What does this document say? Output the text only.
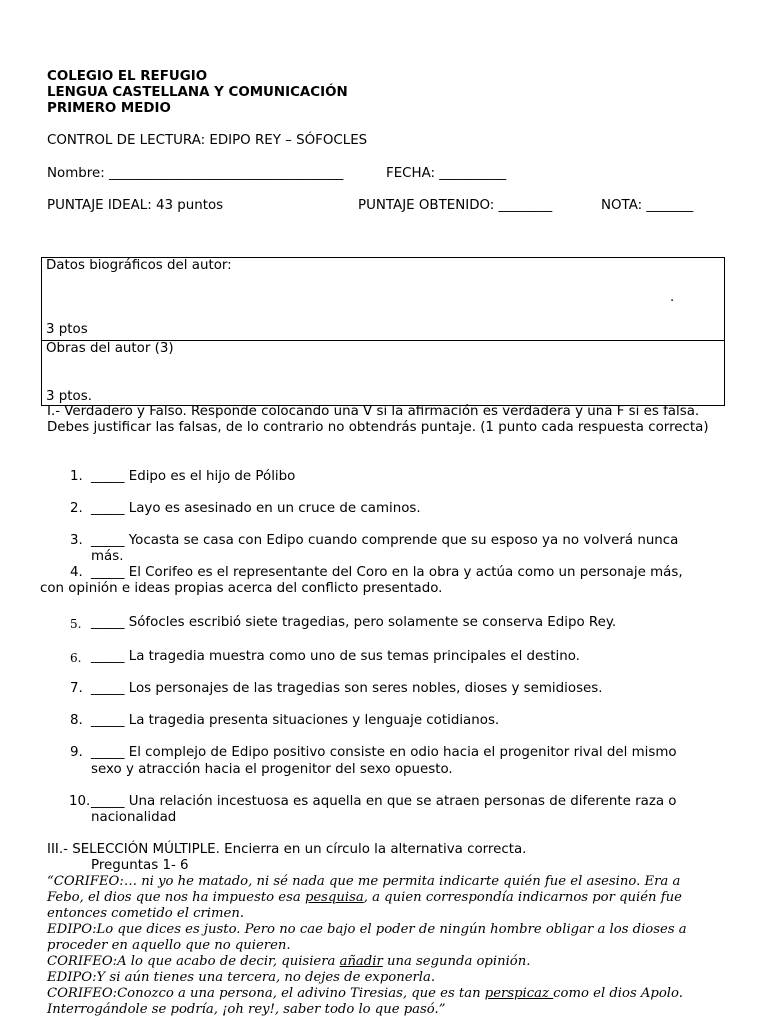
COLEGIO EL REFUGIO
LENGUA CASTELLANA Y COMUNICACIÓN
PRIMERO MEDIO
CONTROL DE LECTURA: EDIPO REY – SÓFOCLES
Nombre: ___________________________________	FECHA: __________
PUNTAJE IDEAL: 43 puntos	PUNTAJE OBTENIDO: ________	NOTA: _______
Datos biográficos del autor:
.
3 ptos
Obras del autor (3)
3 ptos.
I.- Verdadero y Falso. Responde colocando una V si la afirmación es verdadera y una F si es falsa. Debes justificar las falsas, de lo contrario no obtendrás puntaje. (1 punto cada respuesta correcta)
1. _____ Edipo es el hijo de Pólibo
2. _____ Layo es asesinado en un cruce de caminos.
3. _____ Yocasta se casa con Edipo cuando comprende que su esposo ya no volverá nunca
más.
4. _____ El Corifeo es el representante del Coro en la obra y actúa como un personaje más,
con opinión e ideas propias acerca del conflicto presentado.
5. _____ Sófocles escribió siete tragedias, pero solamente se conserva Edipo Rey.
6. _____ La tragedia muestra como uno de sus temas principales el destino.
7. _____ Los personajes de las tragedias son seres nobles, dioses y semidioses.
8. _____ La tragedia presenta situaciones y lenguaje cotidianos.
9. _____ El complejo de Edipo positivo consiste en odio hacia el progenitor rival del mismo
sexo y atracción hacia el progenitor del sexo opuesto.
10. _____ Una relación incestuosa es aquella en que se atraen personas de diferente raza o
nacionalidad
III.- SELECCIÓN MÚLTIPLE. Encierra en un círculo la alternativa correcta.
Preguntas 1- 6
“CORIFEO:… ni yo he matado, ni sé nada que me permita indicarte quién fue el asesino. Era a
Febo, el dios que nos ha impuesto esa pesquisa, a quien correspondía indicarnos por quién fue
entonces cometido el crimen.
EDIPO:Lo que dices es justo. Pero no cae bajo el poder de ningún hombre obligar a los dioses a
proceder en aquello que no quieren.
CORIFEO:A lo que acabo de decir, quisiera añadir una segunda opinión.
EDIPO:Y si aún tienes una tercera, no dejes de exponerla.
CORIFEO:Conozco a una persona, el adivino Tiresias, que es tan perspicaz como el dios Apolo.
Interrogándole se podría, ¡oh rey!, saber todo lo que pasó.”
